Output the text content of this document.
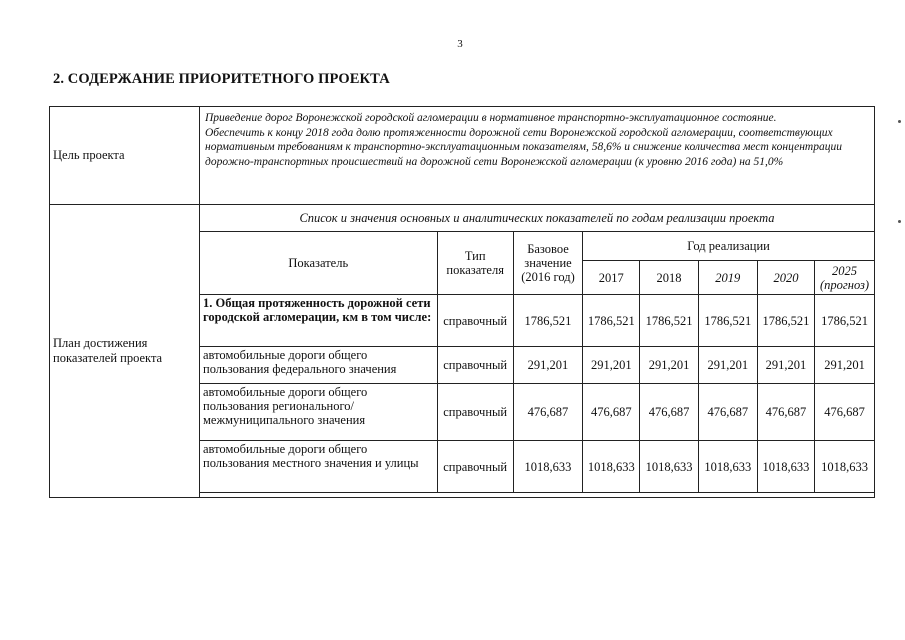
3
2. СОДЕРЖАНИЕ ПРИОРИТЕТНОГО ПРОЕКТА
Цель проекта	

Приведение дорог Воронежской городской агломерации в нормативное транспортно-эксплуатационное состояние.

Обеспечить к концу 2018 года долю протяженности дорожной сети Воронежской городской агломерации, соответствующих нормативным требованиям к транспортно-эксплуатационным показателям, 58,6% и снижение количества мест концентрации дорожно-транспортных происшествий на дорожной сети Воронежской агломерации (к уровню 2016 года) на 51,0%

План достижения показателей проекта	
Список и значения основных и аналитических показателей по годам реализации проекта
Показатель	Тип показателя	Базовое значение (2016 год)	Год реализации
2017	2018	2019	2020	2025 (прогноз)
1. Общая протяженность дорожной сети городской агломерации, км в том числе:	справочный	1786,521	1786,521	1786,521	1786,521	1786,521	1786,521
автомобильные дороги общего пользования федерального значения	справочный	291,201	291,201	291,201	291,201	291,201	291,201
автомобильные дороги общего пользования регионального/ межмуниципального значения	справочный	476,687	476,687	476,687	476,687	476,687	476,687
автомобильные дороги общего пользования местного значения и улицы	справочный	1018,633	1018,633	1018,633	1018,633	1018,633	1018,633
